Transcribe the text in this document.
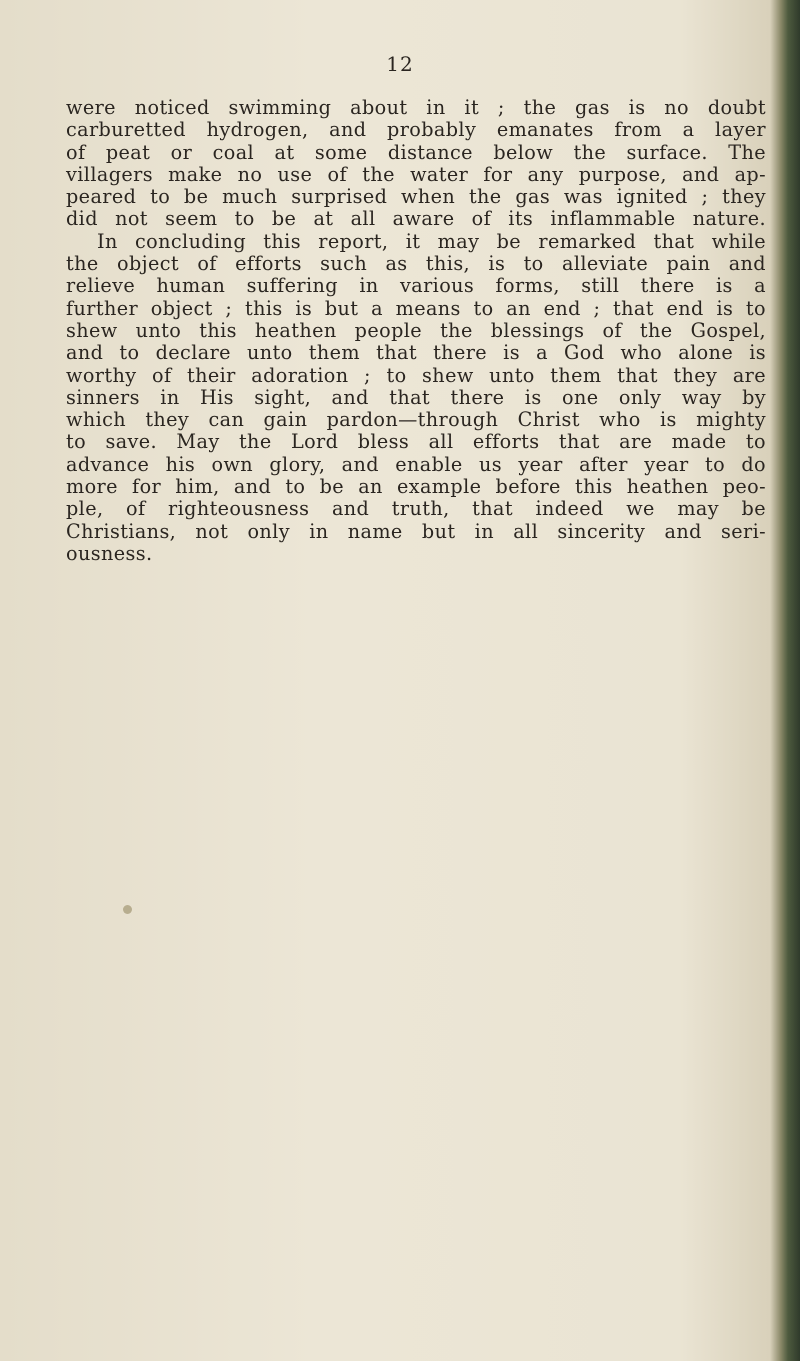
12
were noticed swimming about in it ; the gas is no doubt
carburetted hydrogen, and probably emanates from a layer
of peat or coal at some distance below the surface. The
villagers make no use of the water for any purpose, and ap-
peared to be much surprised when the gas was ignited ; they
did not seem to be at all aware of its inflammable nature.
In concluding this report, it may be remarked that while
the object of efforts such as this, is to alleviate pain and
relieve human suffering in various forms, still there is a
further object ; this is but a means to an end ; that end is to
shew unto this heathen people the blessings of the Gospel,
and to declare unto them that there is a God who alone is
worthy of their adoration ; to shew unto them that they are
sinners in His sight, and that there is one only way by
which they can gain pardon—through Christ who is mighty
to save. May the Lord bless all efforts that are made to
advance his own glory, and enable us year after year to do
more for him, and to be an example before this heathen peo-
ple, of righteousness and truth, that indeed we may be
Christians, not only in name but in all sincerity and seri-
ousness.
